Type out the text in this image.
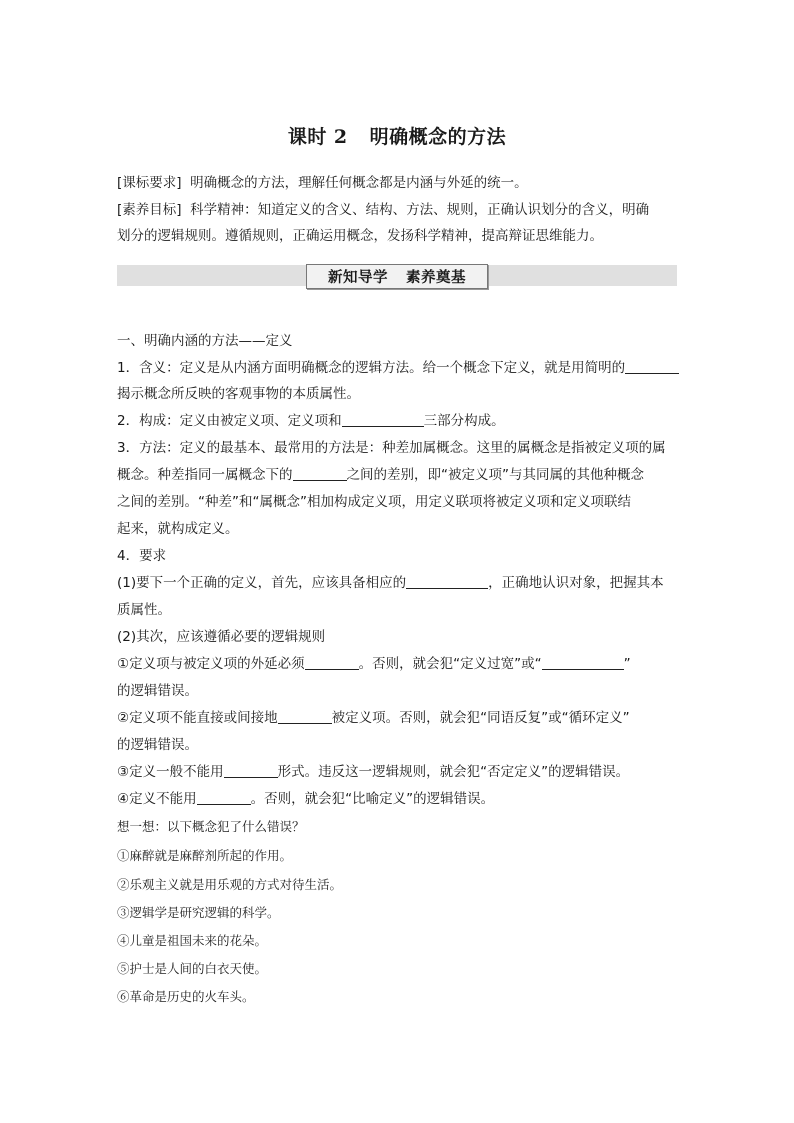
课时 2 明确概念的方法
[课标要求] 明确概念的方法，理解任何概念都是内涵与外延的统一。
[素养目标] 科学精神：知道定义的含义、结构、方法、规则，正确认识划分的含义，明确
划分的逻辑规则。遵循规则，正确运用概念，发扬科学精神，提高辩证思维能力。
新知导学 素养奠基
一、明确内涵的方法——定义
1．含义：定义是从内涵方面明确概念的逻辑方法。给一个概念下定义，就是用简明的
揭示概念所反映的客观事物的本质属性。
2．构成：定义由被定义项、定义项和	三部分构成。
3．方法：定义的最基本、最常用的方法是：种差加属概念。这里的属概念是指被定义项的属
概念。种差指同一属概念下的	之间的差别，即“被定义项”与其同属的其他种概念
之间的差别。“种差”和“属概念”相加构成定义项，用定义联项将被定义项和定义项联结
起来，就构成定义。
4．要求
(1)要下一个正确的定义，首先，应该具备相应的	，正确地认识对象，把握其本
质属性。
(2)其次，应该遵循必要的逻辑规则
①定义项与被定义项的外延必须	。否则，就会犯“定义过宽”或“	”
的逻辑错误。
②定义项不能直接或间接地	被定义项。否则，就会犯“同语反复”或“循环定义”
的逻辑错误。
③定义一般不能用	形式。违反这一逻辑规则，就会犯“否定定义”的逻辑错误。
④定义不能用	。否则，就会犯“比喻定义”的逻辑错误。
想一想：以下概念犯了什么错误？
①麻醉就是麻醉剂所起的作用。
②乐观主义就是用乐观的方式对待生活。
③逻辑学是研究逻辑的科学。
④儿童是祖国未来的花朵。
⑤护士是人间的白衣天使。
⑥革命是历史的火车头。
